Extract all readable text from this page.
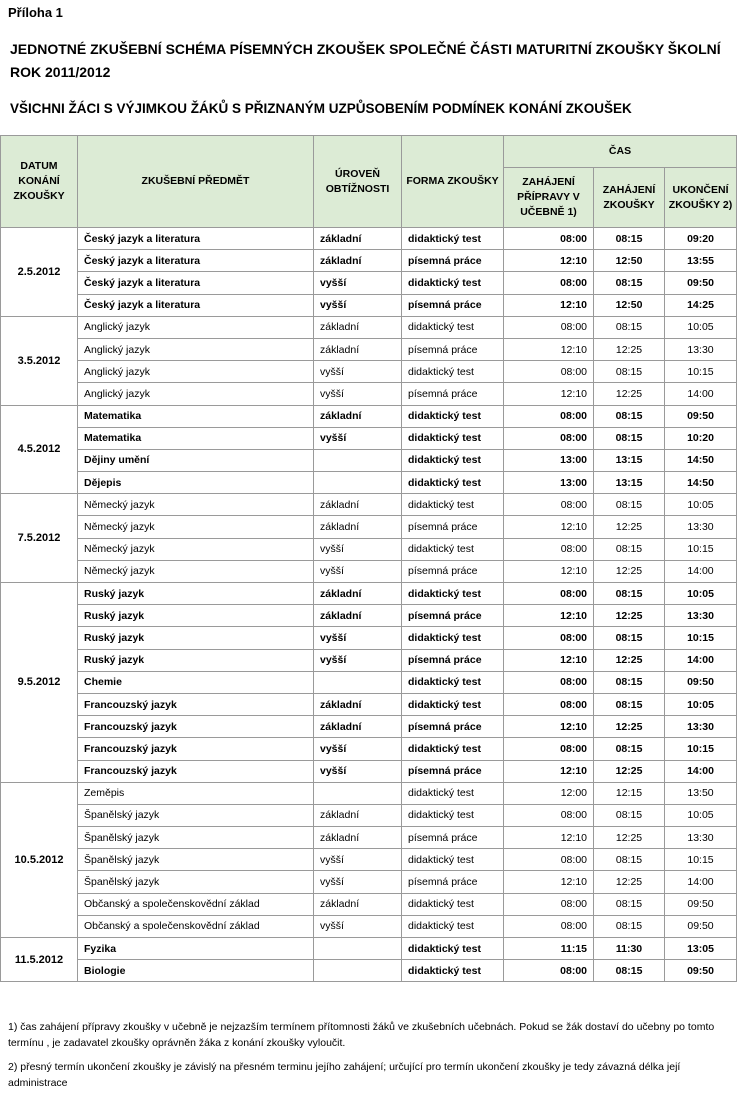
Příloha 1
JEDNOTNÉ ZKUŠEBNÍ SCHÉMA PÍSEMNÝCH ZKOUŠEK SPOLEČNÉ ČÁSTI MATURITNÍ ZKOUŠKY ŠKOLNÍ ROK 2011/2012
VŠICHNI ŽÁCI S VÝJIMKOU ŽÁKŮ S PŘIZNANÝM UZPŮSOBENÍM PODMÍNEK KONÁNÍ ZKOUŠEK
DATUM KONÁNÍ ZKOUŠKY	ZKUŠEBNÍ PŘEDMĚT	ÚROVEŇ OBTÍŽNOSTI	FORMA ZKOUŠKY	ČAS		
				ZAHÁJENÍ PŘÍPRAVY V UČEBNĚ 1)	ZAHÁJENÍ ZKOUŠKY	UKONČENÍ ZKOUŠKY 2)
2.5.2012	Český jazyk a literatura	základní	didaktický test	08:00	08:15	09:20
	Český jazyk a literatura	základní	písemná práce	12:10	12:50	13:55
	Český jazyk a literatura	vyšší	didaktický test	08:00	08:15	09:50
	Český jazyk a literatura	vyšší	písemná práce	12:10	12:50	14:25
3.5.2012	Anglický jazyk	základní	didaktický test	08:00	08:15	10:05
	Anglický jazyk	základní	písemná práce	12:10	12:25	13:30
	Anglický jazyk	vyšší	didaktický test	08:00	08:15	10:15
	Anglický jazyk	vyšší	písemná práce	12:10	12:25	14:00
4.5.2012	Matematika	základní	didaktický test	08:00	08:15	09:50
	Matematika	vyšší	didaktický test	08:00	08:15	10:20
	Dějiny umění		didaktický test	13:00	13:15	14:50
	Dějepis		didaktický test	13:00	13:15	14:50
7.5.2012	Německý jazyk	základní	didaktický test	08:00	08:15	10:05
	Německý jazyk	základní	písemná práce	12:10	12:25	13:30
	Německý jazyk	vyšší	didaktický test	08:00	08:15	10:15
	Německý jazyk	vyšší	písemná práce	12:10	12:25	14:00
9.5.2012	Ruský jazyk	základní	didaktický test	08:00	08:15	10:05
	Ruský jazyk	základní	písemná práce	12:10	12:25	13:30
	Ruský jazyk	vyšší	didaktický test	08:00	08:15	10:15
	Ruský jazyk	vyšší	písemná práce	12:10	12:25	14:00
	Chemie		didaktický test	08:00	08:15	09:50
	Francouzský jazyk	základní	didaktický test	08:00	08:15	10:05
	Francouzský jazyk	základní	písemná práce	12:10	12:25	13:30
	Francouzský jazyk	vyšší	didaktický test	08:00	08:15	10:15
	Francouzský jazyk	vyšší	písemná práce	12:10	12:25	14:00
10.5.2012	Zeměpis		didaktický test	12:00	12:15	13:50
	Španělský jazyk	základní	didaktický test	08:00	08:15	10:05
	Španělský jazyk	základní	písemná práce	12:10	12:25	13:30
	Španělský jazyk	vyšší	didaktický test	08:00	08:15	10:15
	Španělský jazyk	vyšší	písemná práce	12:10	12:25	14:00
	Občanský a společenskovědní základ	základní	didaktický test	08:00	08:15	09:50
	Občanský a společenskovědní základ	vyšší	didaktický test	08:00	08:15	09:50
11.5.2012	Fyzika		didaktický test	11:15	11:30	13:05
	Biologie		didaktický test	08:00	08:15	09:50

1) čas zahájení přípravy zkoušky v učebně je nejzazším termínem přítomnosti žáků ve zkušebních učebnách. Pokud se žák dostaví do učebny po tomto termínu , je zadavatel zkoušky oprávněn žáka z konání zkoušky vyloučit.

2) přesný termín ukončení zkoušky je závislý na přesném terminu jejího zahájení; určující pro termín ukončení zkoušky je tedy závazná délka její administrace
